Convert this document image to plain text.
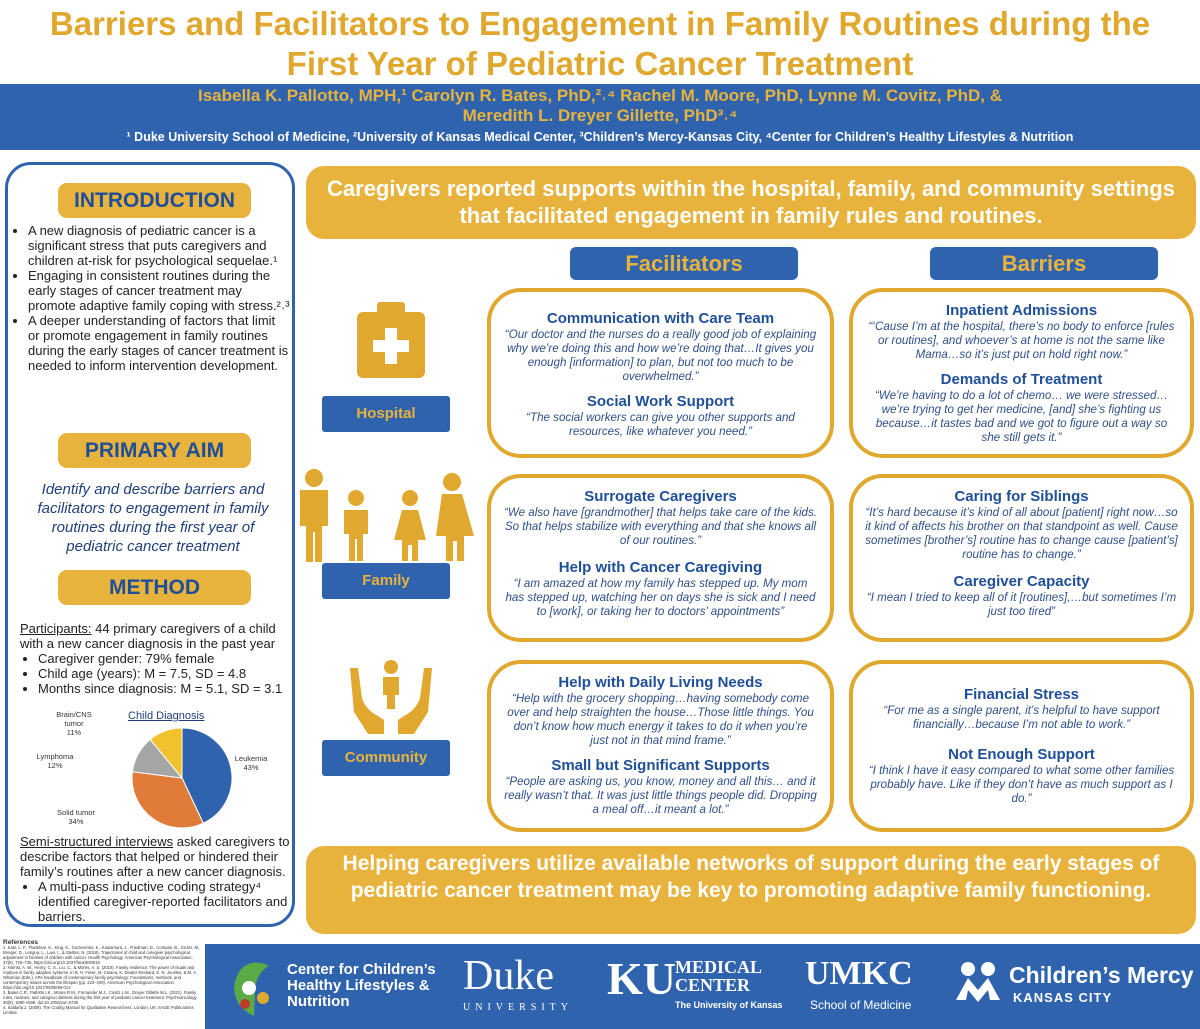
Barriers and Facilitators to Engagement in Family Routines during the
First Year of Pediatric Cancer Treatment
Isabella K. Pallotto, MPH,¹ Carolyn R. Bates, PhD,²˒⁴ Rachel M. Moore, PhD, Lynne M. Covitz, PhD, &
Meredith L. Dreyer Gillette, PhD³˒⁴
¹ Duke University School of Medicine, ²University of Kansas Medical Center, ³Children’s Mercy-Kansas City, ⁴Center for Children’s Healthy Lifestyles & Nutrition
INTRODUCTION
• A new diagnosis of pediatric cancer is a significant stress that puts caregivers and children at-risk for psychological sequelae.¹
• Engaging in consistent routines during the early stages of cancer treatment may promote adaptive family coping with stress.²˒³
• A deeper understanding of factors that limit or promote engagement in family routines during the early stages of cancer treatment is needed to inform intervention development.
PRIMARY AIM
Identify and describe barriers and facilitators to engagement in family routines during the first year of pediatric cancer treatment
METHOD
Participants: 44 primary caregivers of a child with a new cancer diagnosis in the past year
• Caregiver gender: 79% female
• Child age (years): M = 7.5, SD = 4.8
• Months since diagnosis: M = 5.1, SD = 3.1
Child Diagnosis
Brain/CNS tumor
11%
Lymphoma
12%
Solid tumor
34%
Leukemia
43%
Semi-structured interviews asked caregivers to describe factors that helped or hindered their family’s routines after a new cancer diagnosis.
• A multi-pass inductive coding strategy⁴ identified caregiver-reported facilitators and barriers.
References
1. Katz, L. F., Fladeboe, K., King, K., Gurtovenko, K., Kawamura, J., Friedman, D., Compas, B., Gruhn, M., Breiger, D., Lengua, L., Lavi, I., & Stettler, N. (2018). Trajectories of child and caregiver psychological adjustment in families of children with cancer. Health Psychology. American Psychological Association, 37(8), 725–735. https://doi.org/10.1037/hea0000619
2. Harrist, A. W., Henry, C. S., Liu, C., & Morris, A. S. (2019). Family resilience: The power of rituals and routines in family adaptive systems. In B. H. Fiese, M. Celano, K. Deater-Deckard, E. N. Jouriles, & M. A. Whisman (Eds.), APA handbook of contemporary family psychology: Foundations, methods, and contemporary issues across the lifespan (pp. 223–239). American Psychological Association. https://doi.org/10.1037/0000099-013
3. Bates C.R., Pallotto I.K., Moore R.M., Fornander M.J., Covitz L.M., Dreyer Gillette M.L. (2021). Family rules, routines, and caregiver distress during the first year of pediatric cancer treatment. Psychooncology. 30(9), 1590-1599. doi:10.1002/pon.5736
4. Saldaña J. (2009). The Coding Manual for Qualitative Researchers. London, UK: SAGE Publications Limited.
Caregivers reported supports within the hospital, family, and community settings that facilitated engagement in family rules and routines.
Facilitators	Barriers
Hospital
Family
Community
Communication with Care Team
“Our doctor and the nurses do a really good job of explaining why we’re doing this and how we’re doing that…It gives you enough [information] to plan, but not too much to be overwhelmed.”
Social Work Support
“The social workers can give you other supports and resources, like whatever you need.”
Inpatient Admissions
“‘Cause I’m at the hospital, there’s no body to enforce [rules or routines], and whoever’s at home is not the same like Mama…so it’s just put on hold right now.”
Demands of Treatment
“We’re having to do a lot of chemo… we were stressed… we’re trying to get her medicine, [and] she’s fighting us because…it tastes bad and we got to figure out a way so she still gets it.”
Surrogate Caregivers
“We also have [grandmother] that helps take care of the kids. So that helps stabilize with everything and that she knows all of our routines.”
Help with Cancer Caregiving
“I am amazed at how my family has stepped up. My mom has stepped up, watching her on days she is sick and I need to [work], or taking her to doctors’ appointments”
Caring for Siblings
“It’s hard because it’s kind of all about [patient] right now…so it kind of affects his brother on that standpoint as well. Cause sometimes [brother’s] routine has to change cause [patient’s] routine has to change.”
Caregiver Capacity
“I mean I tried to keep all of it [routines],…but sometimes I’m just too tired”
Help with Daily Living Needs
“Help with the grocery shopping…having somebody come over and help straighten the house…Those little things. You don’t know how much energy it takes to do it when you’re just not in that mind frame.”
Small but Significant Supports
“People are asking us, you know, money and all this… and it really wasn’t that. It was just little things people did. Dropping a meal off…it meant a lot.”
Financial Stress
“For me as a single parent, it’s helpful to have support financially…because I’m not able to work.”
Not Enough Support
“I think I have it easy compared to what some other families probably have. Like if they don’t have as much support as I do.”
Helping caregivers utilize available networks of support during the early stages of pediatric cancer treatment may be key to promoting adaptive family functioning.
Center for Children’s Healthy Lifestyles & Nutrition
Duke
UNIVERSITY
KU MEDICAL
CENTER
The University of Kansas
UMKC
School of Medicine
Children’s Mercy
KANSAS CITY
